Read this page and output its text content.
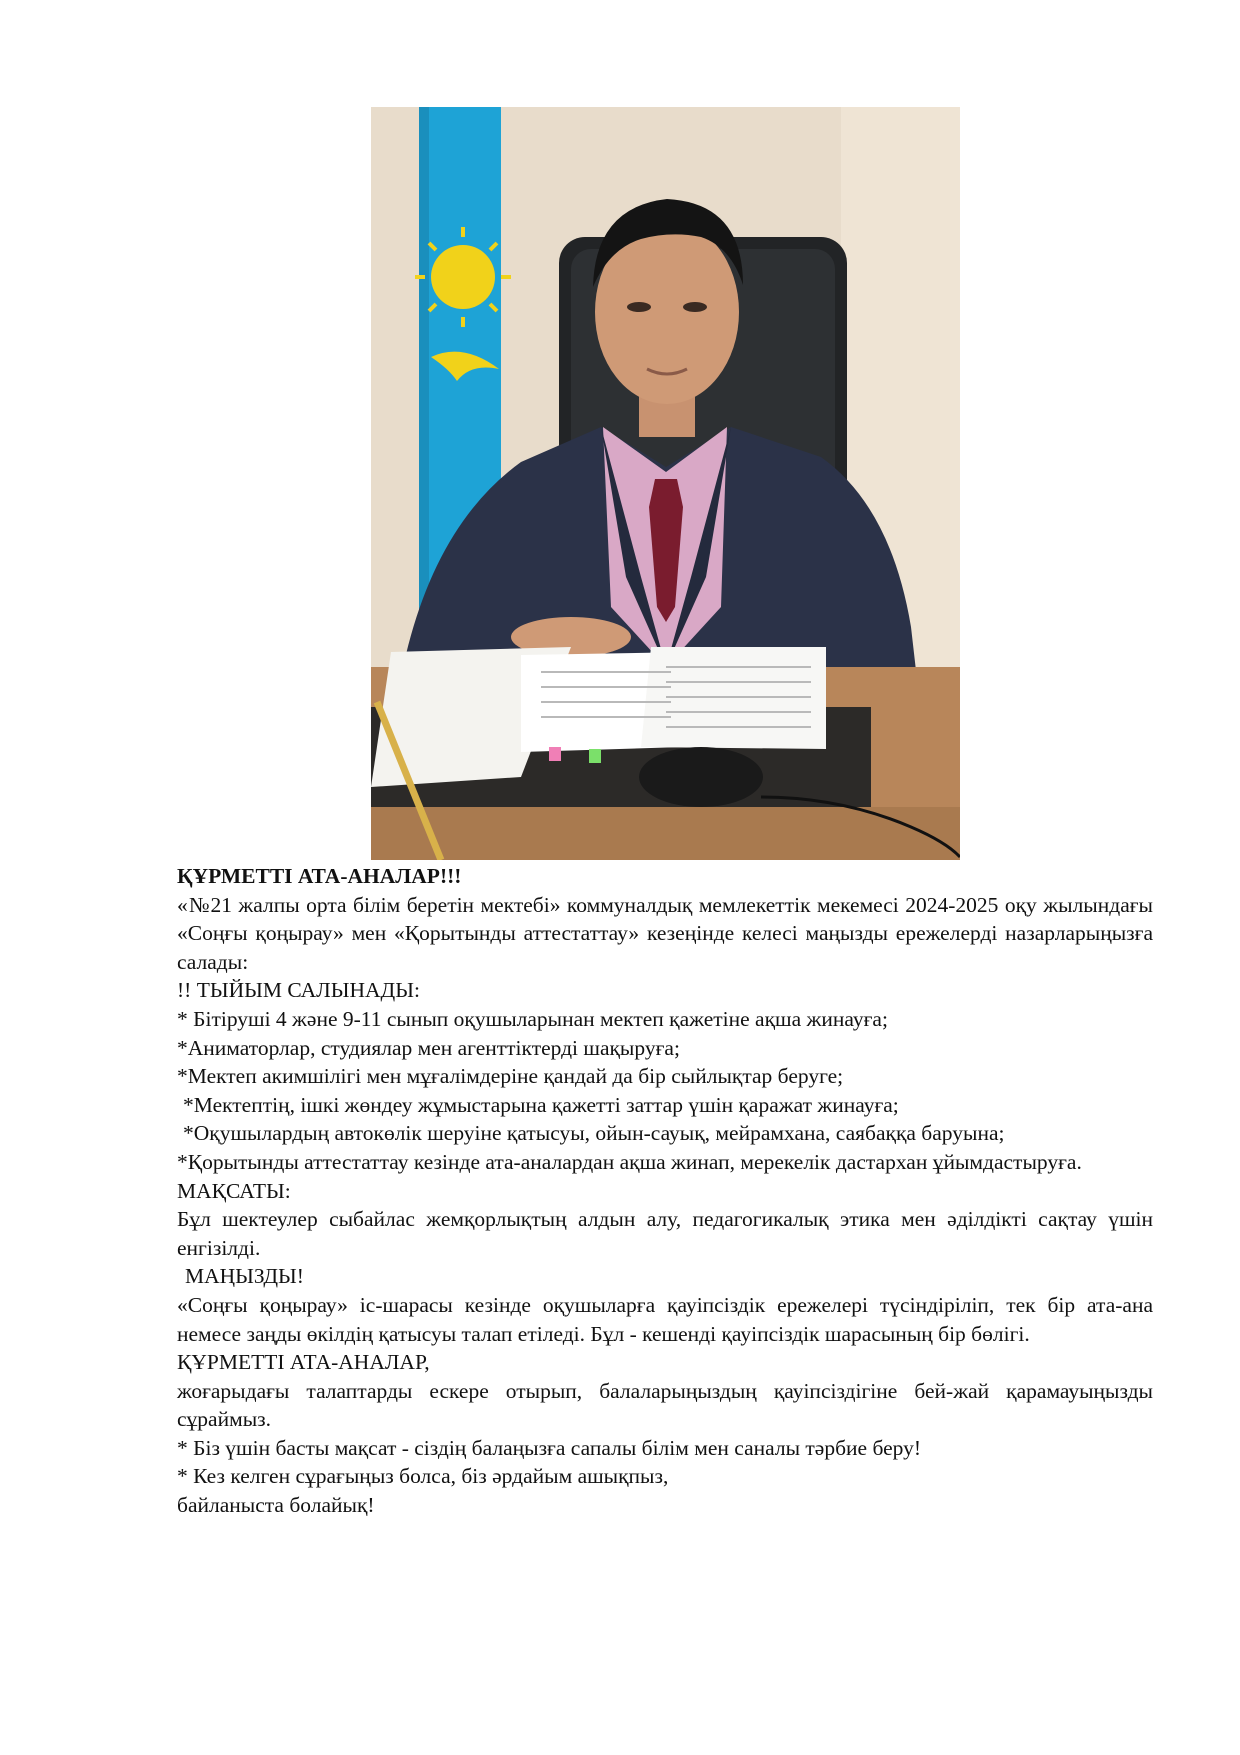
ҚҰРМЕТТІ АТА-АНАЛАР!!!

«№21 жалпы орта білім беретін мектебі» коммуналдық мемлекеттік мекемесі 2024-2025 оқу жылындағы «Соңғы қоңырау» мен «Қорытынды аттестаттау» кезеңінде келесі маңызды ережелерді назарларыңызға салады:

!! ТЫЙЫМ САЛЫНАДЫ:

* Бітіруші 4 және 9-11 сынып оқушыларынан мектеп қажетіне ақша жинауға;

*Аниматорлар, студиялар мен агенттіктерді шақыруға;

*Мектеп акимшілігі мен мұғалімдеріне қандай да бір сыйлықтар беруге;

*Мектептің, ішкі жөндеу жұмыстарына қажетті заттар үшін қаражат жинауға;

*Оқушылардың автокөлік шеруіне қатысуы, ойын-сауық, мейрамхана, саябаққа баруына;

*Қорытынды аттестаттау кезінде ата-аналардан ақша жинап, мерекелік дастархан ұйымдастыруға.

МАҚСАТЫ:

Бұл шектеулер сыбайлас жемқорлықтың алдын алу, педагогикалық этика мен әділдікті сақтау үшін енгізілді.

МАҢЫЗДЫ!

«Соңғы қоңырау» іс-шарасы кезінде оқушыларға қауіпсіздік ережелері түсіндіріліп, тек бір ата-ана немесе заңды өкілдің қатысуы талап етіледі. Бұл - кешенді қауіпсіздік шарасының бір бөлігі.

ҚҰРМЕТТІ АТА-АНАЛАР,

жоғарыдағы талаптарды ескере отырып, балаларыңыздың қауіпсіздігіне бей-жай қарамауыңызды сұраймыз.

* Біз үшін басты мақсат - сіздің балаңызға сапалы білім мен саналы тәрбие беру!

* Кез келген сұрағыңыз болса, біз әрдайым ашықпыз,

байланыста болайық!
